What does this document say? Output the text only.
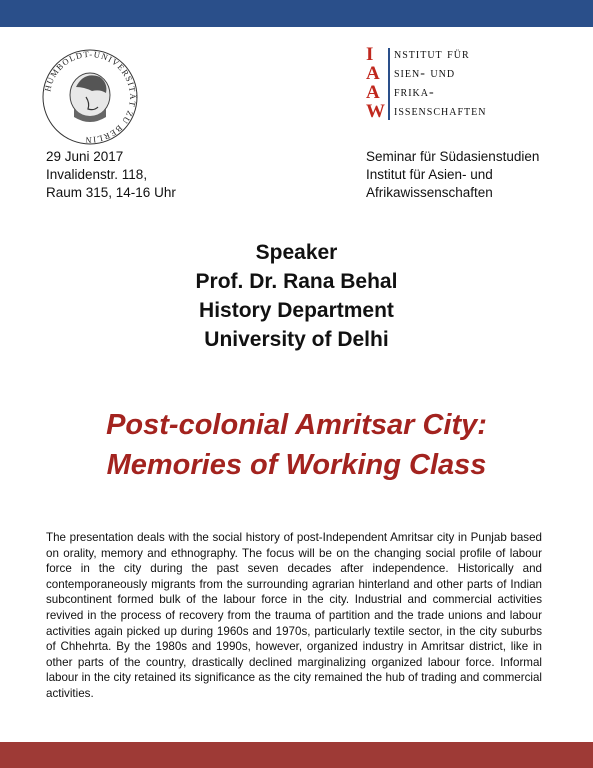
HUMBOLDT-UNIVERSITÄT ZU BERLIN
I	nstitut für
A	sien- und
A	frika-
W issenschaften
29 Juni 2017
Invalidenstr. 118,
Raum 315, 14-16 Uhr
Seminar für Südasienstudien
Institut für Asien- und
Afrikawissenschaften
Speaker
Prof. Dr. Rana Behal
History Department
University of Delhi
Post-colonial Amritsar City:
Memories of Working Class
The presentation deals with the social history of post-Independent Amritsar city in Punjab based on orality, memory and ethnography. The focus will be on the changing social profile of labour force in the city during the past seven decades after independence. Historically and contemporaneously migrants from the surrounding agrarian hinterland and other parts of Indian subcontinent formed bulk of the labour force in the city. Industrial and commercial activities revived in the process of recovery from the trauma of partition and the trade unions and labour activities again picked up during 1960s and 1970s, particularly textile sector, in the city suburbs of Chhehrta. By the 1980s and 1990s, however, organized industry in Amritsar district, like in other parts of the country, drastically declined marginalizing organized labour force. Informal labour in the city retained its significance as the city remained the hub of trading and commercial activities.
